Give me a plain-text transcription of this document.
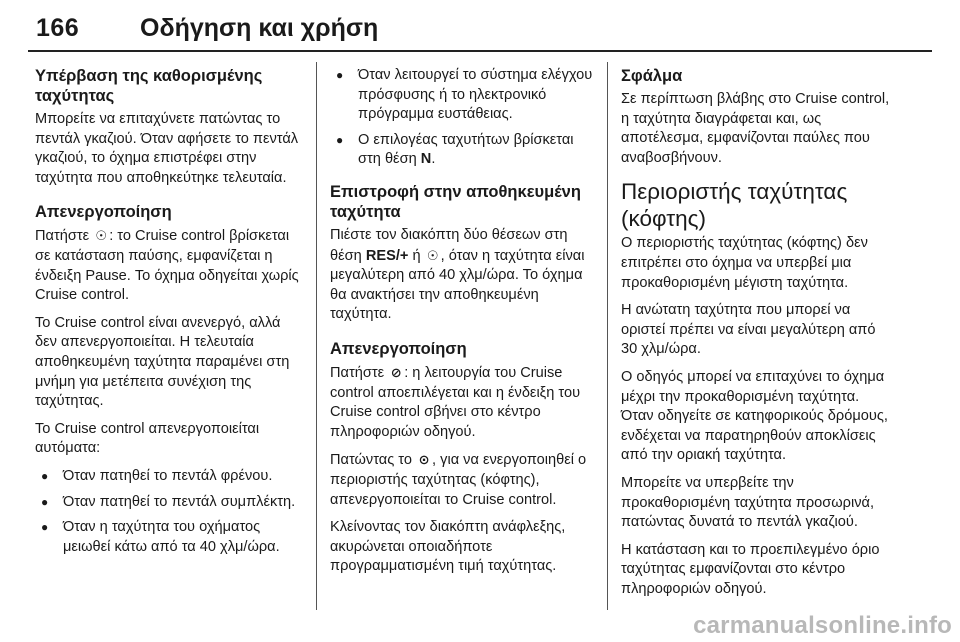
166 Οδήγηση και χρήση
Υπέρβαση της καθορισμένης ταχύτητας

Μπορείτε να επιταχύνετε πατώντας το πεντάλ γκαζιού. Όταν αφήσετε το πεντάλ γκαζιού, το όχημα επιστρέφει στην ταχύτητα που αποθηκεύτηκε τελευταία.

Απενεργοποίηση

Πατήστε ☉ : το Cruise control βρίσκεται σε κατάσταση παύσης, εμφανίζεται η ένδειξη Pause. Το όχημα οδηγείται χωρίς Cruise control.

Το Cruise control είναι ανενεργό, αλλά δεν απενεργοποιείται. Η τελευταία αποθηκευμένη ταχύτητα παραμένει στη μνήμη για μετέπειτα συνέχιση της ταχύτητας.

Το Cruise control απενεργοποιείται αυτόματα:

● Όταν πατηθεί το πεντάλ φρένου.
● Όταν πατηθεί το πεντάλ συμπλέκτη.
● Όταν η ταχύτητα του οχήματος μειωθεί κάτω από τα 40 χλμ/ώρα.
● Όταν λειτουργεί το σύστημα ελέγχου πρόσφυσης ή το ηλεκτρονικό πρόγραμμα ευστάθειας.
● Ο επιλογέας ταχυτήτων βρίσκεται στη θέση N.
Επιστροφή στην αποθηκευμένη ταχύτητα

Πιέστε τον διακόπτη δύο θέσεων στη θέση RES/+ ή ☉ , όταν η ταχύτητα είναι μεγαλύτερη από 40 χλμ/ώρα. Το όχημα θα ανακτήσει την αποθηκευμένη ταχύτητα.

Απενεργοποίηση

Πατήστε ⊘ : η λειτουργία του Cruise control αποεπιλέγεται και η ένδειξη του Cruise control σβήνει στο κέντρο πληροφοριών οδηγού.

Πατώντας το ⊙ , για να ενεργοποιηθεί ο περιοριστής ταχύτητας (κόφτης), απενεργοποιείται το Cruise control.

Κλείνοντας τον διακόπτη ανάφλεξης, ακυρώνεται οποιαδήποτε προγραμματισμένη τιμή ταχύτητας.

Σφάλμα

Σε περίπτωση βλάβης στο Cruise control, η ταχύτητα διαγράφεται και, ως αποτέλεσμα, εμφανίζονται παύλες που αναβοσβήνουν.

Περιοριστής ταχύτητας (κόφτης)

Ο περιοριστής ταχύτητας (κόφτης) δεν επιτρέπει στο όχημα να υπερβεί μια προκαθορισμένη μέγιστη ταχύτητα.

Η ανώτατη ταχύτητα που μπορεί να οριστεί πρέπει να είναι μεγαλύτερη από 30 χλμ/ώρα.

Ο οδηγός μπορεί να επιταχύνει το όχημα μέχρι την προκαθορισμένη ταχύτητα. Όταν οδηγείτε σε κατηφορικούς δρόμους, ενδέχεται να παρατηρηθούν αποκλίσεις από την οριακή ταχύτητα.

Μπορείτε να υπερβείτε την προκαθορισμένη ταχύτητα προσωρινά, πατώντας δυνατά το πεντάλ γκαζιού.

Η κατάσταση και το προεπιλεγμένο όριο ταχύτητας εμφανίζονται στο κέντρο πληροφοριών οδηγού.

carmanualsonline.info
